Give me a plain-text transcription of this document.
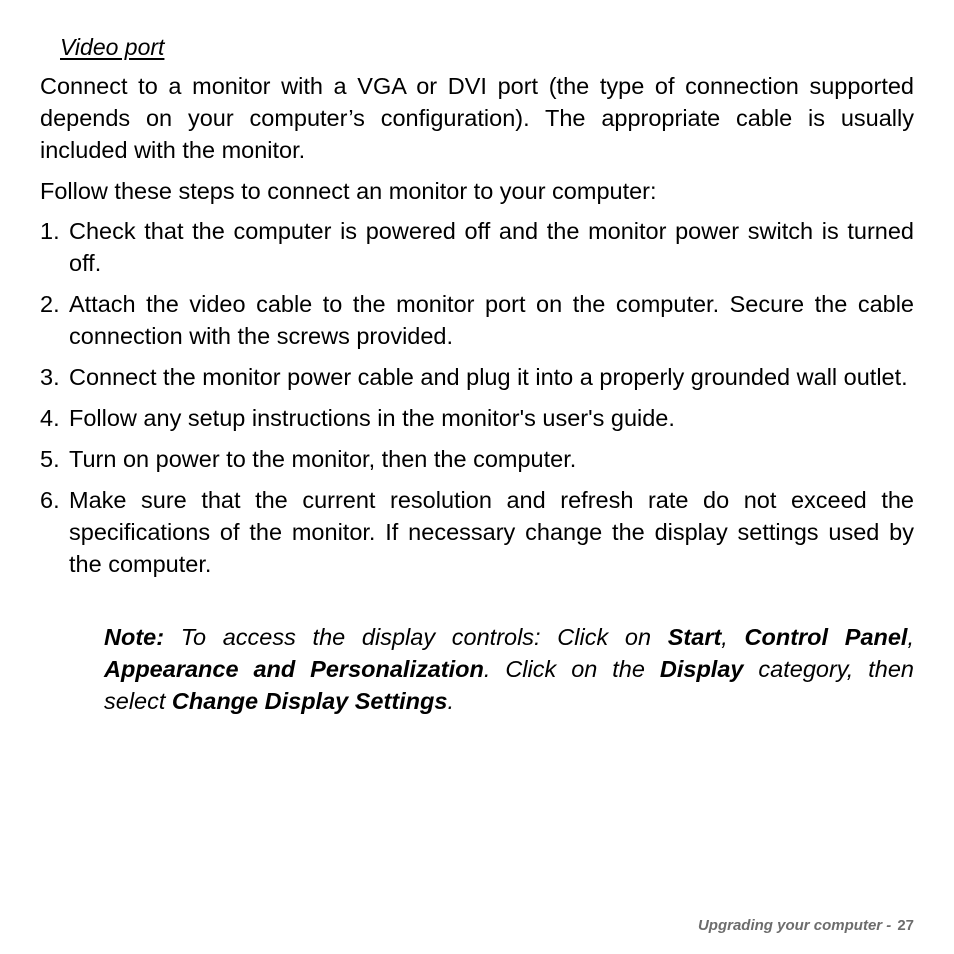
Video port

Connect to a monitor with a VGA or DVI port (the type of connection supported depends on your computer’s configuration). The appropriate cable is usually included with the monitor.

Follow these steps to connect an monitor to your computer:

1. Check that the computer is powered off and the monitor power switch is turned off.
2. Attach the video cable to the monitor port on the computer. Secure the cable connection with the screws provided.
3. Connect the monitor power cable and plug it into a properly grounded wall outlet.
4. Follow any setup instructions in the monitor's user's guide.
5. Turn on power to the monitor, then the computer.
6. Make sure that the current resolution and refresh rate do not exceed the specifications of the monitor. If necessary change the display settings used by the computer.

Note: To access the display controls: Click on Start, Control Panel, Appearance and Personalization. Click on the Display category, then select Change Display Settings.

Upgrading your computer - 27
